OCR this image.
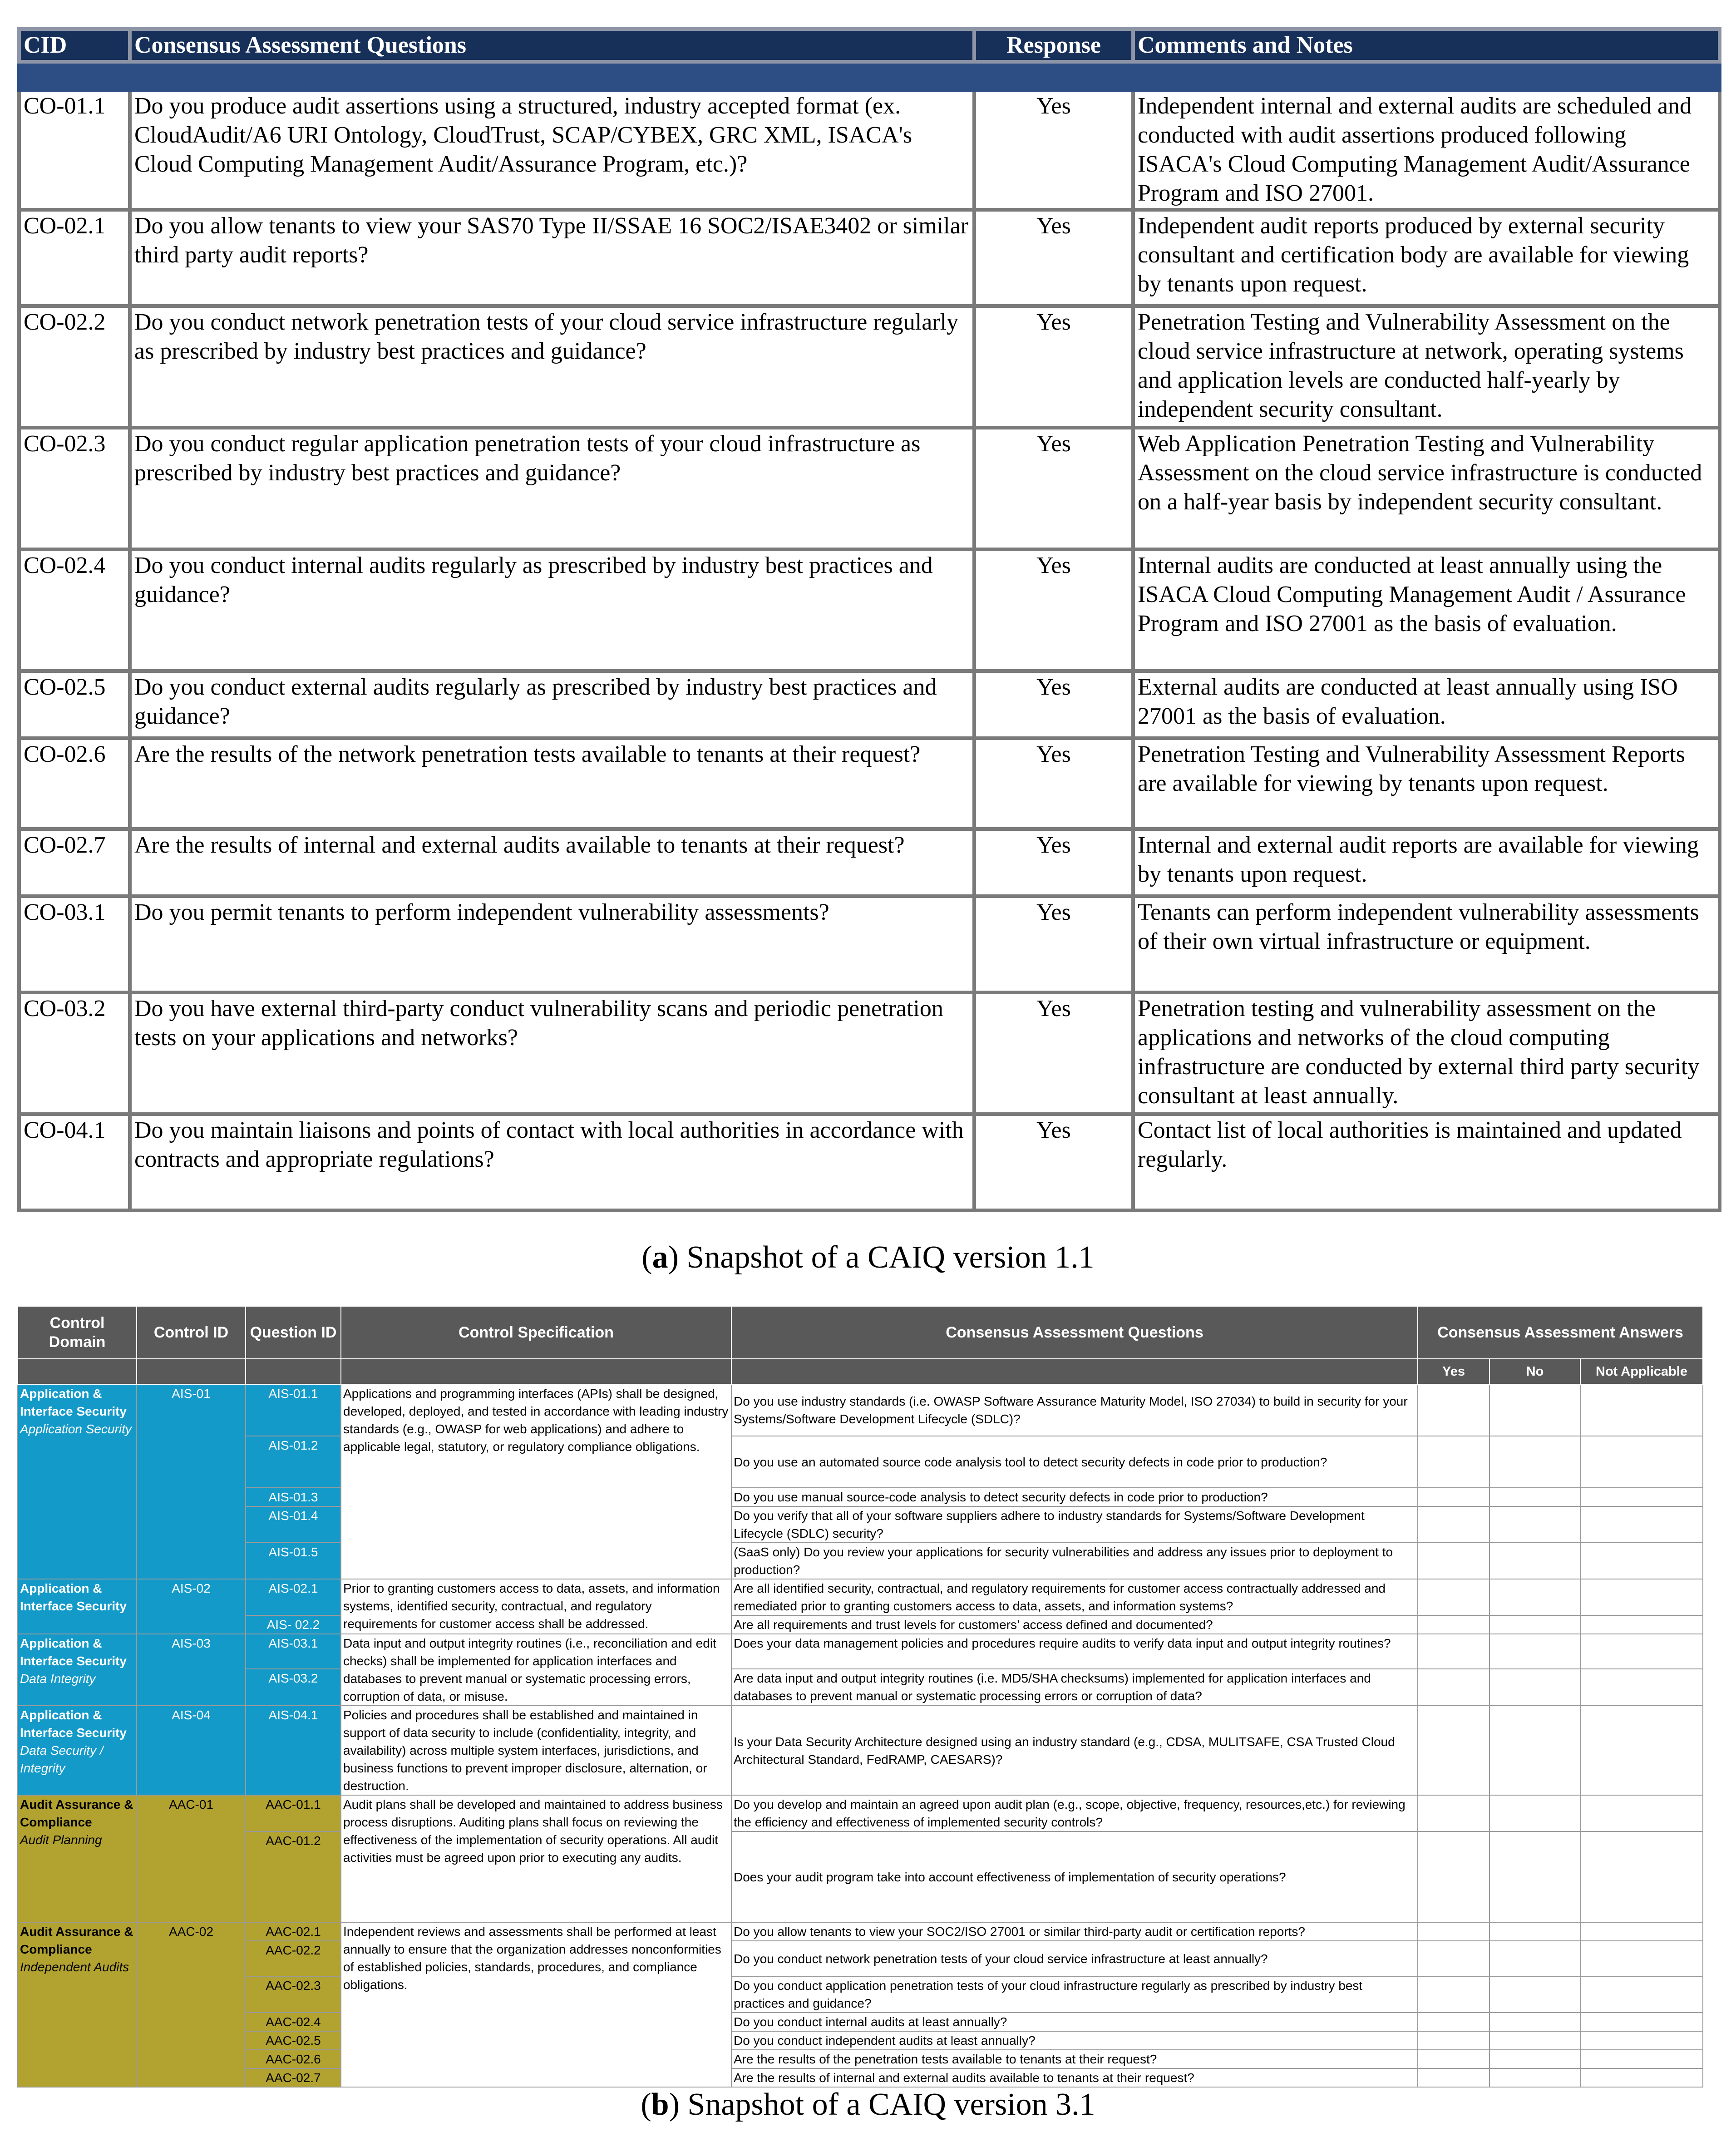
CID	Consensus Assessment Questions	Response	Comments and Notes

CO-01.1	Do you produce audit assertions using a structured, industry accepted format (ex. CloudAudit/A6 URI Ontology, CloudTrust, SCAP/CYBEX, GRC XML, ISACA's Cloud Computing Management Audit/Assurance Program, etc.)?	Yes	Independent internal and external audits are scheduled and conducted with audit assertions produced following ISACA's Cloud Computing Management Audit/Assurance Program and ISO 27001.
CO-02.1	Do you allow tenants to view your SAS70 Type II/SSAE 16 SOC2/ISAE3402 or similar third party audit reports?	Yes	Independent audit reports produced by external security consultant and certification body are available for viewing by tenants upon request.
CO-02.2	Do you conduct network penetration tests of your cloud service infrastructure regularly as prescribed by industry best practices and guidance?	Yes	Penetration Testing and Vulnerability Assessment on the cloud service infrastructure at network, operating systems and application levels are conducted half-yearly by independent security consultant.
CO-02.3	Do you conduct regular application penetration tests of your cloud infrastructure as prescribed by industry best practices and guidance?	Yes	Web Application Penetration Testing and Vulnerability Assessment on the cloud service infrastructure is conducted on a half-year basis by independent security consultant.
CO-02.4	Do you conduct internal audits regularly as prescribed by industry best practices and guidance?	Yes	Internal audits are conducted at least annually using the ISACA Cloud Computing Management Audit / Assurance Program and ISO 27001 as the basis of evaluation.
CO-02.5	Do you conduct external audits regularly as prescribed by industry best practices and guidance?	Yes	External audits are conducted at least annually using ISO 27001 as the basis of evaluation.
CO-02.6	Are the results of the network penetration tests available to tenants at their request?	Yes	Penetration Testing and Vulnerability Assessment Reports are available for viewing by tenants upon request.
CO-02.7	Are the results of internal and external audits available to tenants at their request?	Yes	Internal and external audit reports are available for viewing by tenants upon request.
CO-03.1	Do you permit tenants to perform independent vulnerability assessments?	Yes	Tenants can perform independent vulnerability assessments of their own virtual infrastructure or equipment.
CO-03.2	Do you have external third-party conduct vulnerability scans and periodic penetration tests on your applications and networks?	Yes	Penetration testing and vulnerability assessment on the applications and networks of the cloud computing infrastructure are conducted by external third party security consultant at least annually.
CO-04.1	Do you maintain liaisons and points of contact with local authorities in accordance with contracts and appropriate regulations?	Yes	Contact list of local authorities is maintained and updated regularly.
(a) Snapshot of a CAIQ version 1.1
Control Domain	Control ID	Question ID	Control Specification	Consensus Assessment Questions	Consensus Assessment Answers		
					Yes	No	Not Applicable
Application & Interface Security
Application Security	AIS-01	AIS-01.1	Applications and programming interfaces (APIs) shall be designed, developed, deployed, and tested in accordance with leading industry standards (e.g., OWASP for web applications) and adhere to applicable legal, statutory, or regulatory compliance obligations.	Do you use industry standards (i.e. OWASP Software Assurance Maturity Model, ISO 27034) to build in security for your Systems/Software Development Lifecycle (SDLC)?			
		AIS-01.2		Do you use an automated source code analysis tool to detect security defects in code prior to production?			
		AIS-01.3		Do you use manual source-code analysis to detect security defects in code prior to production?			
		AIS-01.4		Do you verify that all of your software suppliers adhere to industry standards for Systems/Software Development Lifecycle (SDLC) security?			
		AIS-01.5		(SaaS only) Do you review your applications for security vulnerabilities and address any issues prior to deployment to production?			
Application & Interface Security	AIS-02	AIS-02.1	Prior to granting customers access to data, assets, and information systems, identified security, contractual, and regulatory requirements for customer access shall be addressed.	Are all identified security, contractual, and regulatory requirements for customer access contractually addressed and remediated prior to granting customers access to data, assets, and information systems?			
		AIS- 02.2		Are all requirements and trust levels for customers’ access defined and documented?			
Application & Interface Security
Data Integrity	AIS-03	AIS-03.1	Data input and output integrity routines (i.e., reconciliation and edit checks) shall be implemented for application interfaces and databases to prevent manual or systematic processing errors, corruption of data, or misuse.	Does your data management policies and procedures require audits to verify data input and output integrity routines?			
		AIS-03.2		Are data input and output integrity routines (i.e. MD5/SHA checksums) implemented for application interfaces and databases to prevent manual or systematic processing errors or corruption of data?			
Application & Interface Security
Data Security / Integrity	AIS-04	AIS-04.1	Policies and procedures shall be established and maintained in support of data security to include (confidentiality, integrity, and availability) across multiple system interfaces, jurisdictions, and business functions to prevent improper disclosure, alternation, or destruction.	Is your Data Security Architecture designed using an industry standard (e.g., CDSA, MULITSAFE, CSA Trusted Cloud Architectural Standard, FedRAMP, CAESARS)?			
Audit Assurance & Compliance
Audit Planning	AAC-01	AAC-01.1	Audit plans shall be developed and maintained to address business process disruptions. Auditing plans shall focus on reviewing the effectiveness of the implementation of security operations. All audit activities must be agreed upon prior to executing any audits.	Do you develop and maintain an agreed upon audit plan (e.g., scope, objective, frequency, resources,etc.) for reviewing the efficiency and effectiveness of implemented security controls?			
		AAC-01.2		Does your audit program take into account effectiveness of implementation of security operations?			
Audit Assurance & Compliance
Independent Audits	AAC-02	AAC-02.1	Independent reviews and assessments shall be performed at least annually to ensure that the organization addresses nonconformities of established policies, standards, procedures, and compliance obligations.	Do you allow tenants to view your SOC2/ISO 27001 or similar third-party audit or certification reports?			
		AAC-02.2		Do you conduct network penetration tests of your cloud service infrastructure at least annually?			
		AAC-02.3		Do you conduct application penetration tests of your cloud infrastructure regularly as prescribed by industry best practices and guidance?			
		AAC-02.4		Do you conduct internal audits at least annually?			
		AAC-02.5		Do you conduct independent audits at least annually?			
		AAC-02.6		Are the results of the penetration tests available to tenants at their request?			
		AAC-02.7		Are the results of internal and external audits available to tenants at their request?			
(b) Snapshot of a CAIQ version 3.1
